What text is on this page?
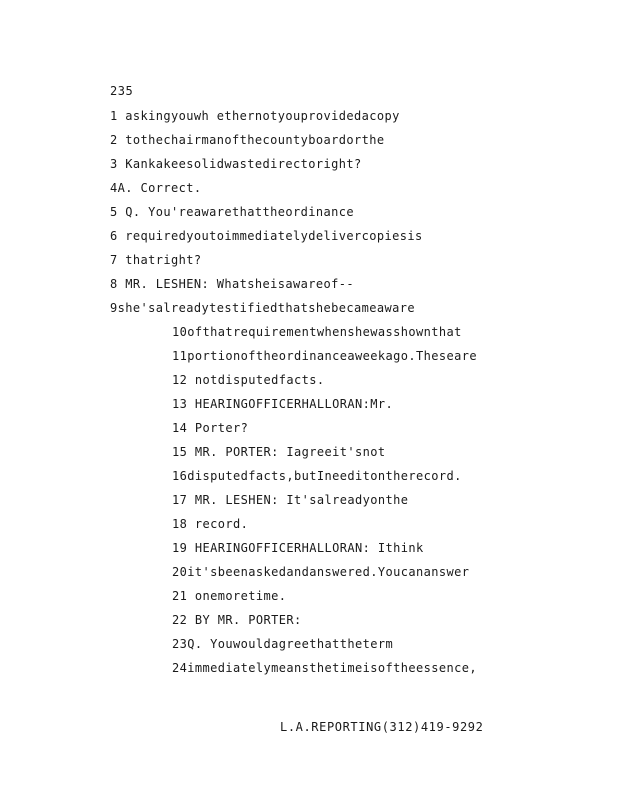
235
1 askingyouwh ethernotyouprovidedacopy
2 tothechairmanofthecountyboardorthe
3 Kankakeesolidwastedirectoright?
4A. Correct.
5 Q. You'reawarethattheordinance
6 requiredyoutoimmediatelydelivercopiesis
7 thatright?
8 MR. LESHEN: Whatsheisawareof--
9she'salreadytestifiedthatshebecameaware
10ofthatrequirementwhenshewasshownthat
11portionoftheordinanceaweekago.Theseare
12 notdisputedfacts.
13 HEARINGOFFICERHALLORAN:Mr.
14 Porter?
15 MR. PORTER: Iagreeit'snot
16disputedfacts,butIneeditontherecord.
17 MR. LESHEN: It'salreadyonthe
18 record.
19 HEARINGOFFICERHALLORAN: Ithink
20it'sbeenaskedandanswered.Youcananswer
21 onemoretime.
22 BY MR. PORTER:
23Q. Youwouldagreethattheterm
24immediatelymeansthetimeisoftheessence,
L.A.REPORTING(312)419-9292
